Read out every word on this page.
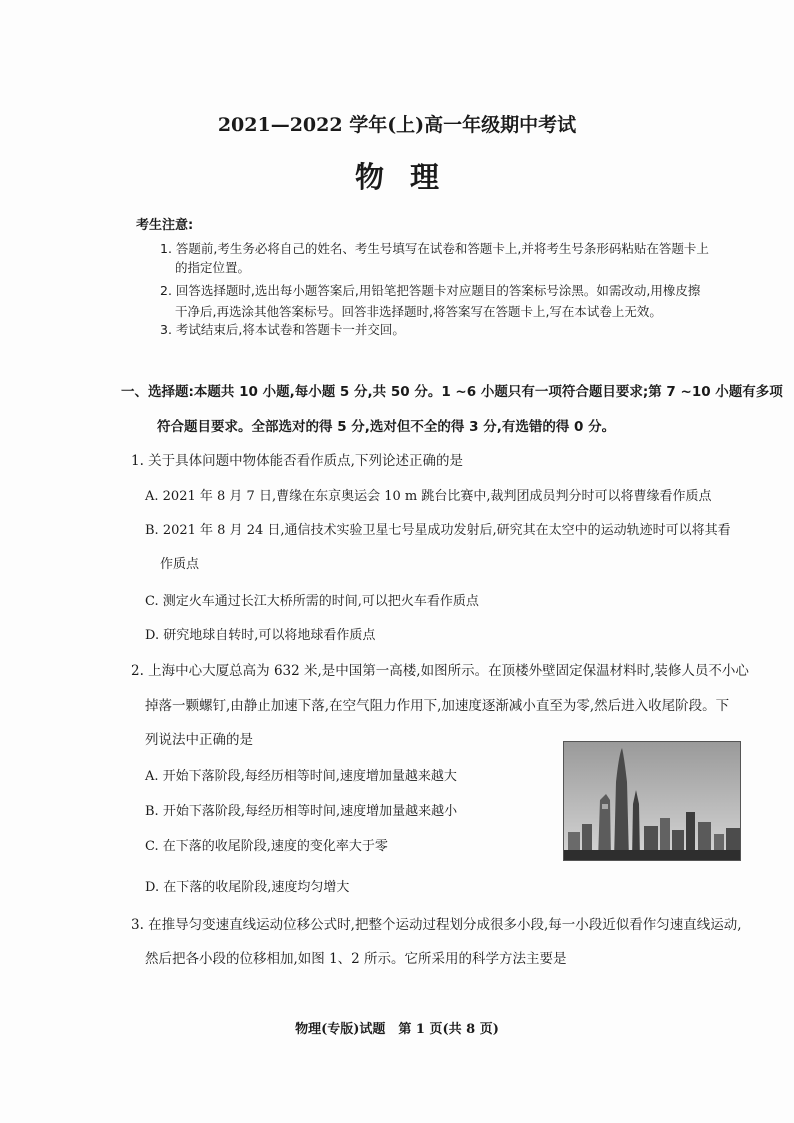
2021—2022 学年(上)高一年级期中考试
物理
考生注意:
1. 答题前,考生务必将自己的姓名、考生号填写在试卷和答题卡上,并将考生号条形码粘贴在答题卡上
的指定位置。
2. 回答选择题时,选出每小题答案后,用铅笔把答题卡对应题目的答案标号涂黑。如需改动,用橡皮擦
干净后,再选涂其他答案标号。回答非选择题时,将答案写在答题卡上,写在本试卷上无效。
3. 考试结束后,将本试卷和答题卡一并交回。
一、选择题:本题共 10 小题,每小题 5 分,共 50 分。1 ~6 小题只有一项符合题目要求;第 7 ~10 小题有多项
符合题目要求。全部选对的得 5 分,选对但不全的得 3 分,有选错的得 0 分。
1. 关于具体问题中物体能否看作质点,下列论述正确的是
A. 2021 年 8 月 7 日,曹缘在东京奥运会 10 m 跳台比赛中,裁判团成员判分时可以将曹缘看作质点
B. 2021 年 8 月 24 日,通信技术实验卫星七号星成功发射后,研究其在太空中的运动轨迹时可以将其看
作质点
C. 测定火车通过长江大桥所需的时间,可以把火车看作质点
D. 研究地球自转时,可以将地球看作质点
2. 上海中心大厦总高为 632 米,是中国第一高楼,如图所示。在顶楼外壁固定保温材料时,装修人员不小心
掉落一颗螺钉,由静止加速下落,在空气阻力作用下,加速度逐渐减小直至为零,然后进入收尾阶段。下
列说法中正确的是
A. 开始下落阶段,每经历相等时间,速度增加量越来越大
B. 开始下落阶段,每经历相等时间,速度增加量越来越小
C. 在下落的收尾阶段,速度的变化率大于零
D. 在下落的收尾阶段,速度均匀增大
3. 在推导匀变速直线运动位移公式时,把整个运动过程划分成很多小段,每一小段近似看作匀速直线运动,
然后把各小段的位移相加,如图 1、2 所示。它所采用的科学方法主要是
物理(专版)试题　第 1 页(共 8 页)
